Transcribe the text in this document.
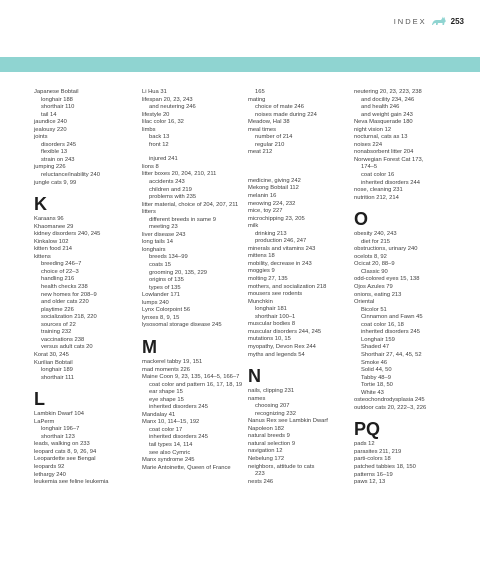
INDEX	253
Japanese Bobtail
longhair 188
shorthair 110
tail 14
jaundice 240
jealousy 220
joints
disorders 245
flexible 13
strain on 243
jumping 226
reluctance/inability 240
jungle cats 9, 99
K
Karaans 96
Khaomanee 29
kidney disorders 240, 245
Kinkalow 102
kitten food 214
kittens
breeding 246–7
choice of 22–3
handling 216
health checks 238
new homes for 208–9
and older cats 220
playtime 226
socialization 218, 220
sources of 22
training 232
vaccinations 238
versus adult cats 20
Korat 30, 245
Kurilian Bobtail
longhair 189
shorthair 111
L
Lambkin Dwarf 104
LaPerm
longhair 196–7
shorthair 123
leads, walking on 233
leopard cats 8, 9, 26, 94
Leopardette see Bengal
leopards 92
lethargy 240
leukemia see feline leukemia
Li Hua 31
lifespan 20, 23, 243
and neutering 246
lifestyle 20
lilac color 16, 32
limbs
back 13
front 12
injured 241
lions 8
litter boxes 20, 204, 210, 211
accidents 243
children and 219
problems with 235
litter material, choice of 204, 207, 211
litters
different breeds in same 9
meeting 23
liver disease 243
long tails 14
longhairs
breeds 134–99
coats 15
grooming 20, 135, 229
origins of 135
types of 135
Lowlander 171
lumps 240
Lynx Colorpoint 56
lynxes 8, 9, 15
lysosomal storage disease 245
M
mackerel tabby 19, 151
mad moments 226
Maine Coon 9, 23, 135, 164–5, 166–7
coat color and pattern 16, 17, 18, 19
ear shape 15
eye shape 15
inherited disorders 245
Mandalay 41
Manx 10, 114–15, 192
coat color 17
inherited disorders 245
tail types 14, 114
see also Cymric
Manx syndrome 245
Marie Antoinette, Queen of France
165
mating
choice of mate 246
noises made during 224
Meadow, Hal 38
meal times
number of 214
regular 210
meat 212
medicine, giving 242
Mekong Bobtail 112
melanin 16
meowing 224, 232
mice, toy 227
microchipping 23, 205
milk
drinking 213
production 246, 247
minerals and vitamins 243
mittens 18
mobility, decrease in 243
moggies 9
molting 27, 135
mothers, and socialization 218
mousers see rodents
Munchkin
longhair 181
shorthair 100–1
muscular bodies 8
muscular disorders 244, 245
mutations 10, 15
myopathy, Devon Rex 244
myths and legends 54
N
nails, clipping 231
names
choosing 207
recognizing 232
Nanus Rex see Lambkin Dwarf
Napoleon 182
natural breeds 9
natural selection 9
navigation 12
Nebelung 172
neighbors, attitude to cats
223
nests 246
neutering 20, 23, 223, 238
and docility 234, 246
and health 246
and weight gain 243
Neva Masquerade 180
night vision 12
nocturnal, cats as 13
noises 224
nonabsorbent litter 204
Norwegian Forest Cat 173,
174–5
coat color 16
inherited disorders 244
nose, cleaning 231
nutrition 212, 214
O
obesity 240, 243
diet for 215
obstructions, urinary 240
ocelots 8, 92
Ocicat 20, 88–9
Classic 90
odd-colored eyes 15, 138
Ojos Azules 79
onions, eating 213
Oriental
Bicolor 51
Cinnamon and Fawn 45
coat color 16, 18
inherited disorders 245
Longhair 159
Shaded 47
Shorthair 27, 44, 45, 52
Smoke 46
Solid 44, 50
Tabby 48–9
Tortie 18, 50
White 43
osteochondrodysplasia 245
outdoor cats 20, 222–3, 226
PQ
pads 12
parasites 211, 219
parti-colors 18
patched tabbies 18, 150
patterns 16–19
paws 12, 13
